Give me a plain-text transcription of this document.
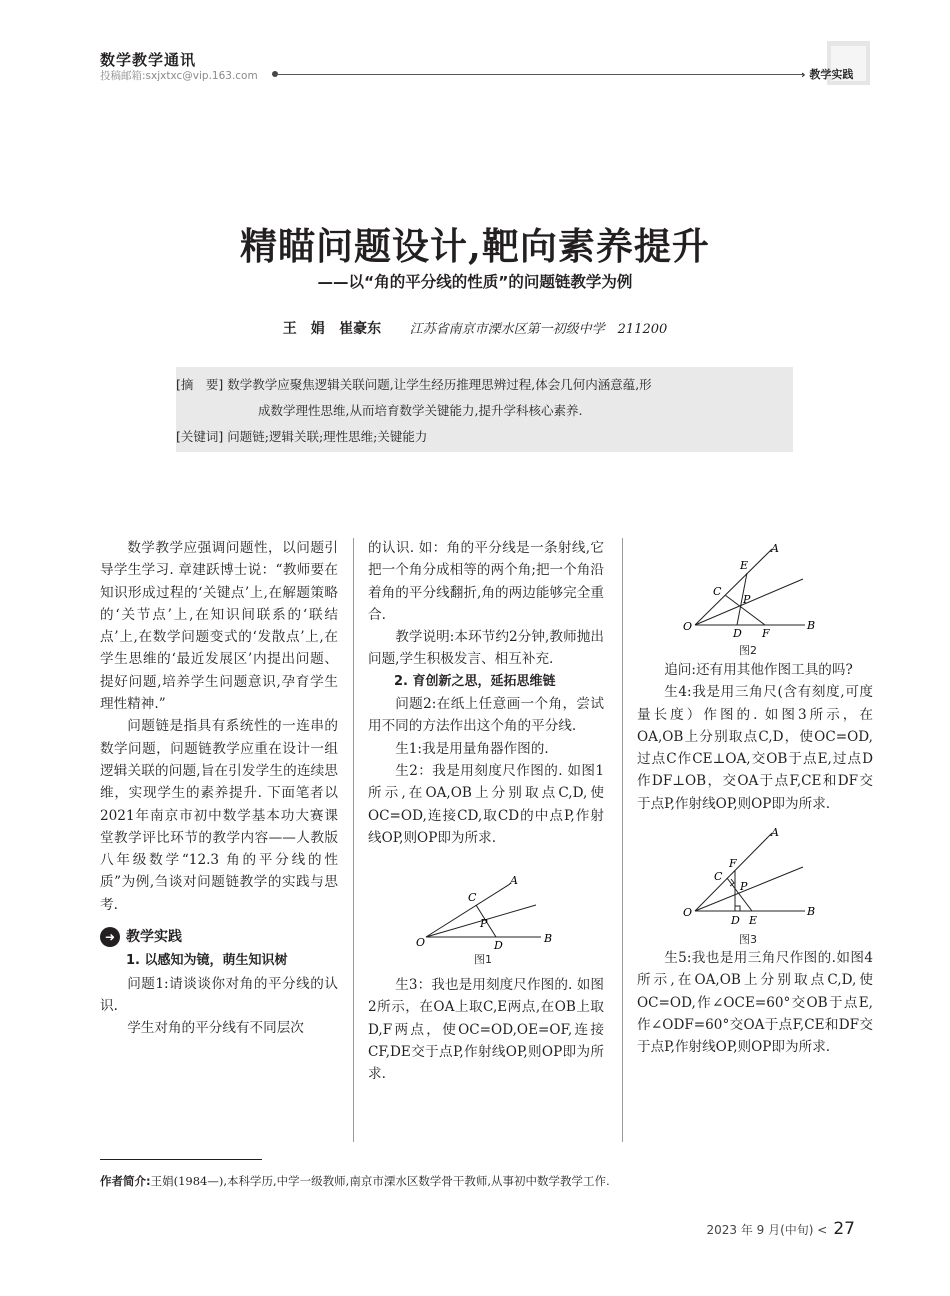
数学教学通讯
投稿邮箱:sxjxtxc@vip.163.com	› 教学实践
精瞄问题设计,靶向素养提升
——以“角的平分线的性质”的问题链教学为例
王　娟 崔豪东 江苏省南京市溧水区第一初级中学　211200
[摘　要] 数学教学应聚焦逻辑关联问题,让学生经历推理思辨过程,体会几何内涵意蕴,形
成数学理性思维,从而培育数学关键能力,提升学科核心素养.
[关键词] 问题链;逻辑关联;理性思维;关键能力

数学教学应强调问题性，以问题引导学生学习. 章建跃博士说：“教师要在知识形成过程的‘关键点’上,在解题策略的‘关节点’上,在知识间联系的‘联结点’上,在数学问题变式的‘发散点’上,在学生思维的‘最近发展区’内提出问题、提好问题,培养学生问题意识,孕育学生理性精神.”

问题链是指具有系统性的一连串的数学问题，问题链教学应重在设计一组逻辑关联的问题,旨在引发学生的连续思维，实现学生的素养提升. 下面笔者以2021年南京市初中数学基本功大赛课堂教学评比环节的教学内容——人教版八年级数学“12.3 角的平分线的性质”为例,刍谈对问题链教学的实践与思考.

➜ 教学实践

1. 以感知为镜，萌生知识树

问题1:请谈谈你对角的平分线的认识.

学生对角的平分线有不同层次

的认识. 如：角的平分线是一条射线,它把一个角分成相等的两个角;把一个角沿着角的平分线翻折,角的两边能够完全重合.

教学说明:本环节约2分钟,教师抛出问题,学生积极发言、相互补充.

2. 育创新之思，延拓思维链

问题2:在纸上任意画一个角，尝试用不同的方法作出这个角的平分线.

生1:我是用量角器作图的.

生2：我是用刻度尺作图的. 如图1所示,在OA,OB上分别取点C,D,使OC=OD,连接CD,取CD的中点P,作射线OP,则OP即为所求.

O
A
B
C
D
P
图1

生3：我也是用刻度尺作图的. 如图2所示，在OA上取C,E两点,在OB上取D,F两点，使OC=OD,OE=OF,连接CF,DE交于点P,作射线OP,则OP即为所求.

O
A
B
C
D
E
F
P
图2

追问:还有用其他作图工具的吗?

生4:我是用三角尺(含有刻度,可度量长度）作图的. 如图3所示，在OA,OB上分别取点C,D，使OC=OD,过点C作CE⊥OA,交OB于点E,过点D作DF⊥OB，交OA于点F,CE和DF交于点P,作射线OP,则OP即为所求.

O
A
B
C
D E
F
P
图3

生5:我也是用三角尺作图的.如图4所示,在OA,OB上分别取点C,D,使OC=OD,作∠OCE=60°交OB于点E,作∠ODF=60°交OA于点F,CE和DF交于点P,作射线OP,则OP即为所求.

作者简介:王娟(1984—),本科学历,中学一级教师,南京市溧水区数学骨干教师,从事初中数学教学工作.
2023 年 9 月(中旬) < 27
